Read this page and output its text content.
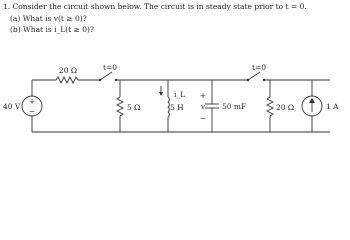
1. Consider the circuit shown below. The circuit is in steady state prior to t = 0.
(a) What is v(t ≥ 0)?
(b) What is i_L(t ≥ 0)?
+
−
40 V
20 Ω	t=0
5 Ω
i_L
5 H
+
v
−
50 mF
t=0
20 Ω	1 A
